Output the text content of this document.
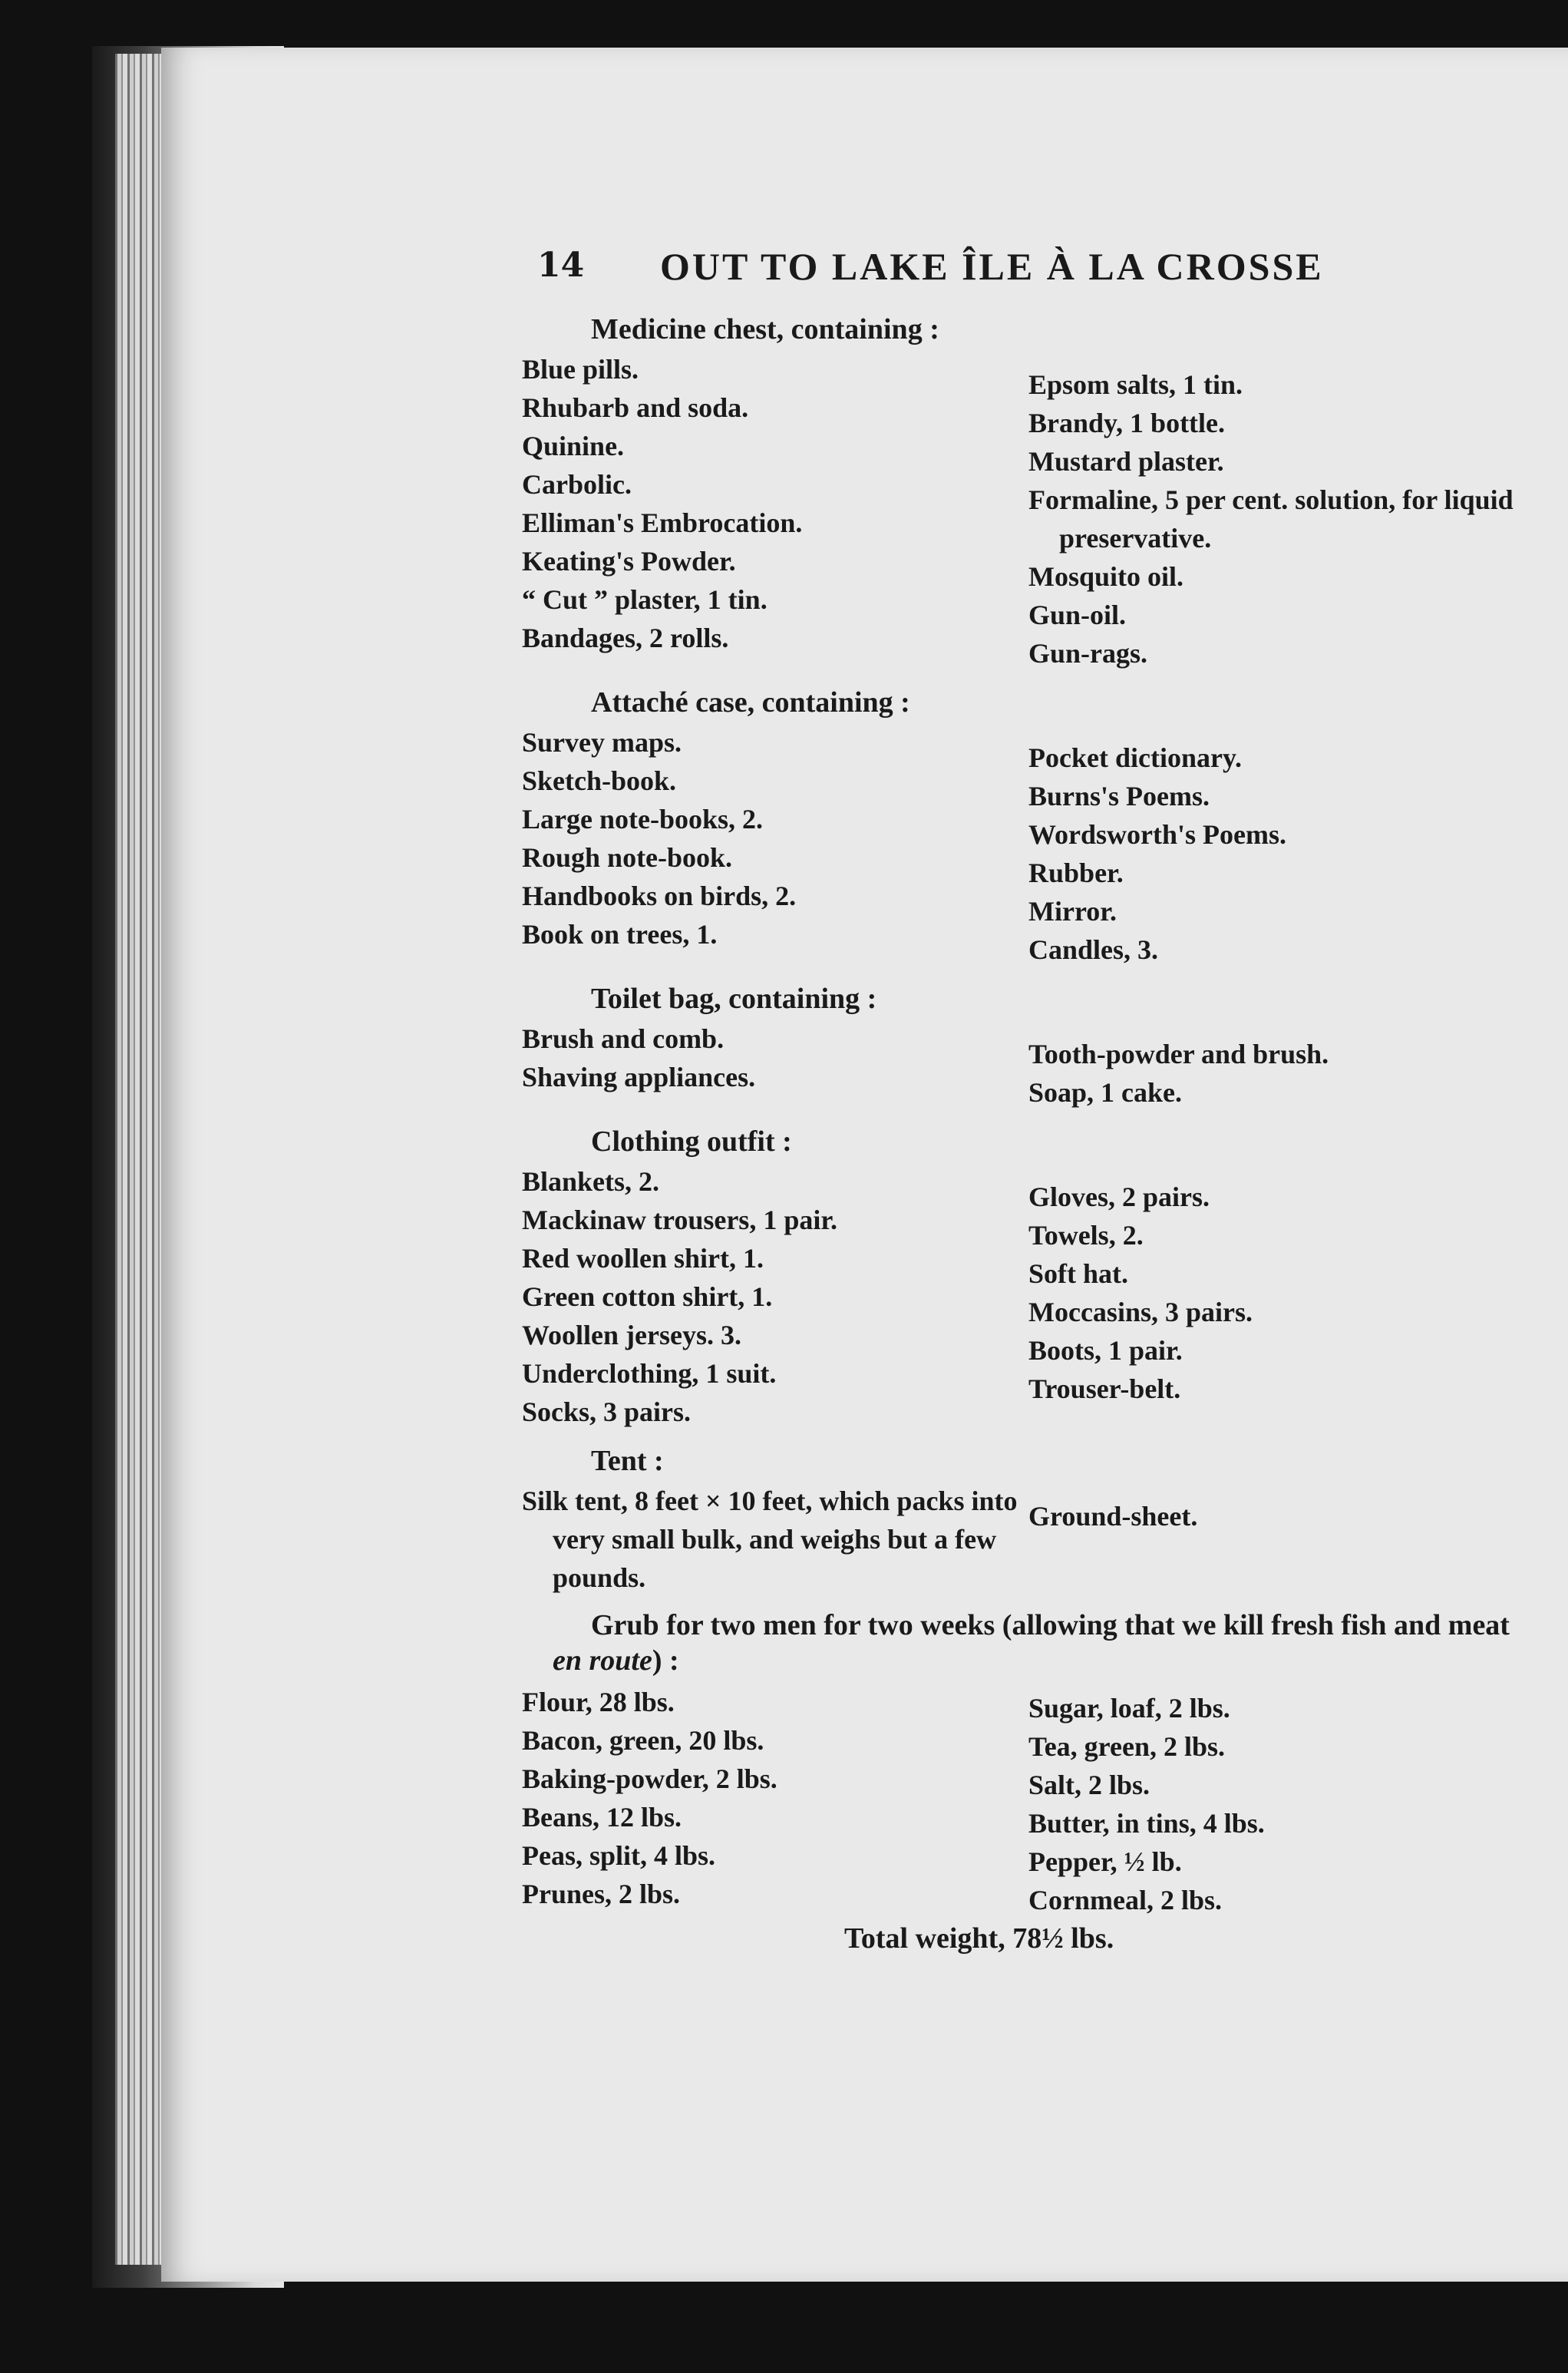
14 OUT TO LAKE ÎLE À LA CROSSE
Medicine chest, containing :
Blue pills.
Rhubarb and soda.
Quinine.
Carbolic.
Elliman's Embrocation.
Keating's Powder.
“ Cut ” plaster, 1 tin.
Bandages, 2 rolls.
Epsom salts, 1 tin.
Brandy, 1 bottle.
Mustard plaster.
Formaline, 5 per cent. solution, for liquid preservative.
Mosquito oil.
Gun-oil.
Gun-rags.
Attaché case, containing :
Survey maps.
Sketch-book.
Large note-books, 2.
Rough note-book.
Handbooks on birds, 2.
Book on trees, 1.
Pocket dictionary.
Burns's Poems.
Wordsworth's Poems.
Rubber.
Mirror.
Candles, 3.
Toilet bag, containing :
Brush and comb.
Shaving appliances.
Tooth-powder and brush.
Soap, 1 cake.
Clothing outfit :
Blankets, 2.
Mackinaw trousers, 1 pair.
Red woollen shirt, 1.
Green cotton shirt, 1.
Woollen jerseys. 3.
Underclothing, 1 suit.
Socks, 3 pairs.
Gloves, 2 pairs.
Towels, 2.
Soft hat.
Moccasins, 3 pairs.
Boots, 1 pair.
Trouser-belt.
Tent :
Silk tent, 8 feet × 10 feet, which packs into very small bulk, and weighs but a few pounds.
Ground-sheet.
Grub for two men for two weeks (allowing that we kill fresh fish and meat en route) :
Flour, 28 lbs.
Bacon, green, 20 lbs.
Baking-powder, 2 lbs.
Beans, 12 lbs.
Peas, split, 4 lbs.
Prunes, 2 lbs.
Sugar, loaf, 2 lbs.
Tea, green, 2 lbs.
Salt, 2 lbs.
Butter, in tins, 4 lbs.
Pepper, ½ lb.
Cornmeal, 2 lbs.
Total weight, 78½ lbs.
